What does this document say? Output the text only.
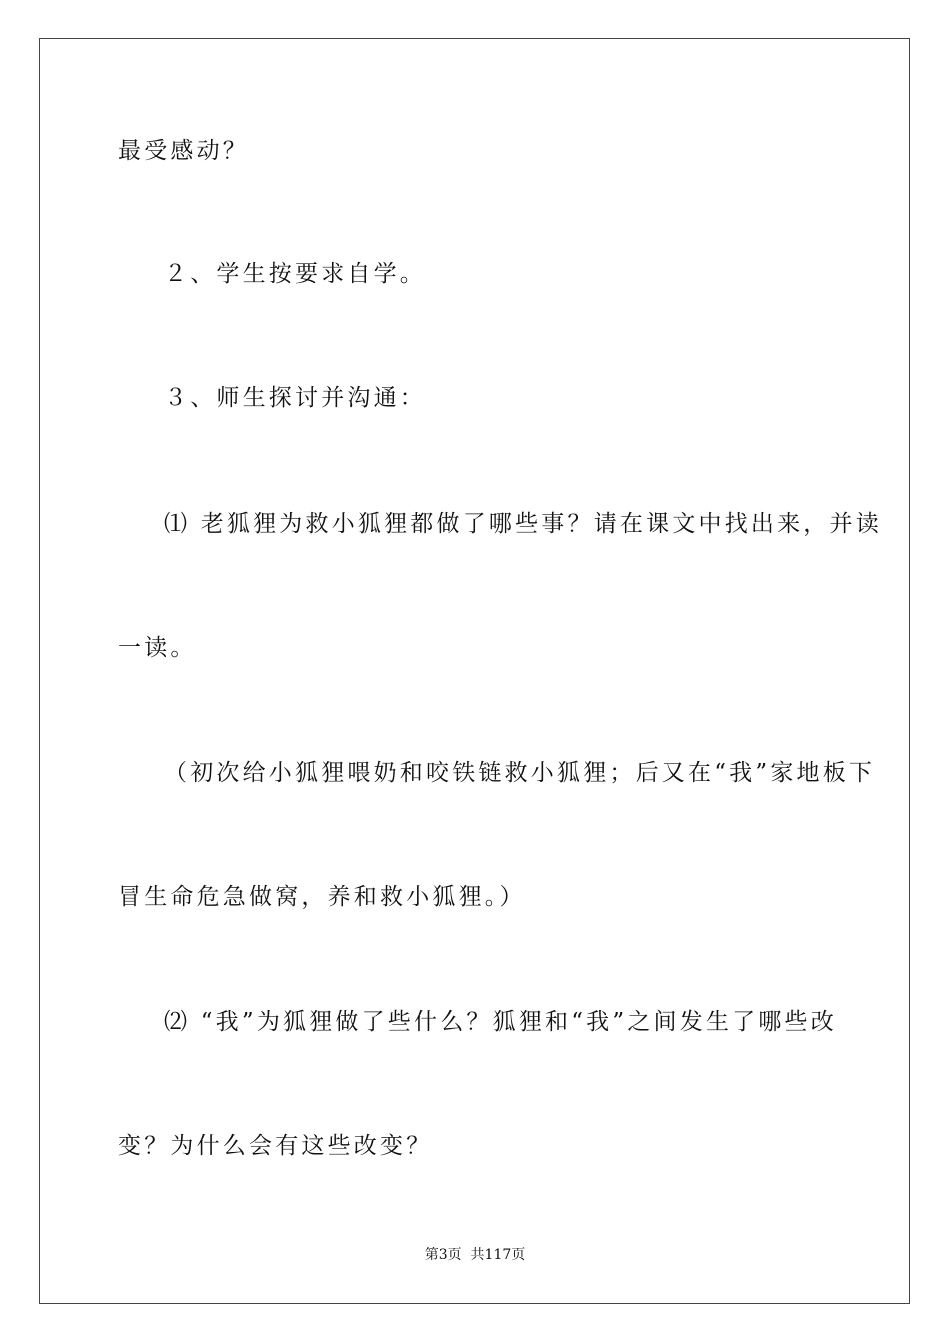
最受感动？
２、学生按要求自学。
３、师生探讨并沟通：
⑴ 老狐狸为救小狐狸都做了哪些事？请在课文中找出来，并读
一读。
（初次给小狐狸喂奶和咬铁链救小狐狸；后又在“我”家地板下
冒生命危急做窝，养和救小狐狸。）
⑵ “我”为狐狸做了些什么？狐狸和“我”之间发生了哪些改
变？为什么会有这些改变？
第3页  共117页
